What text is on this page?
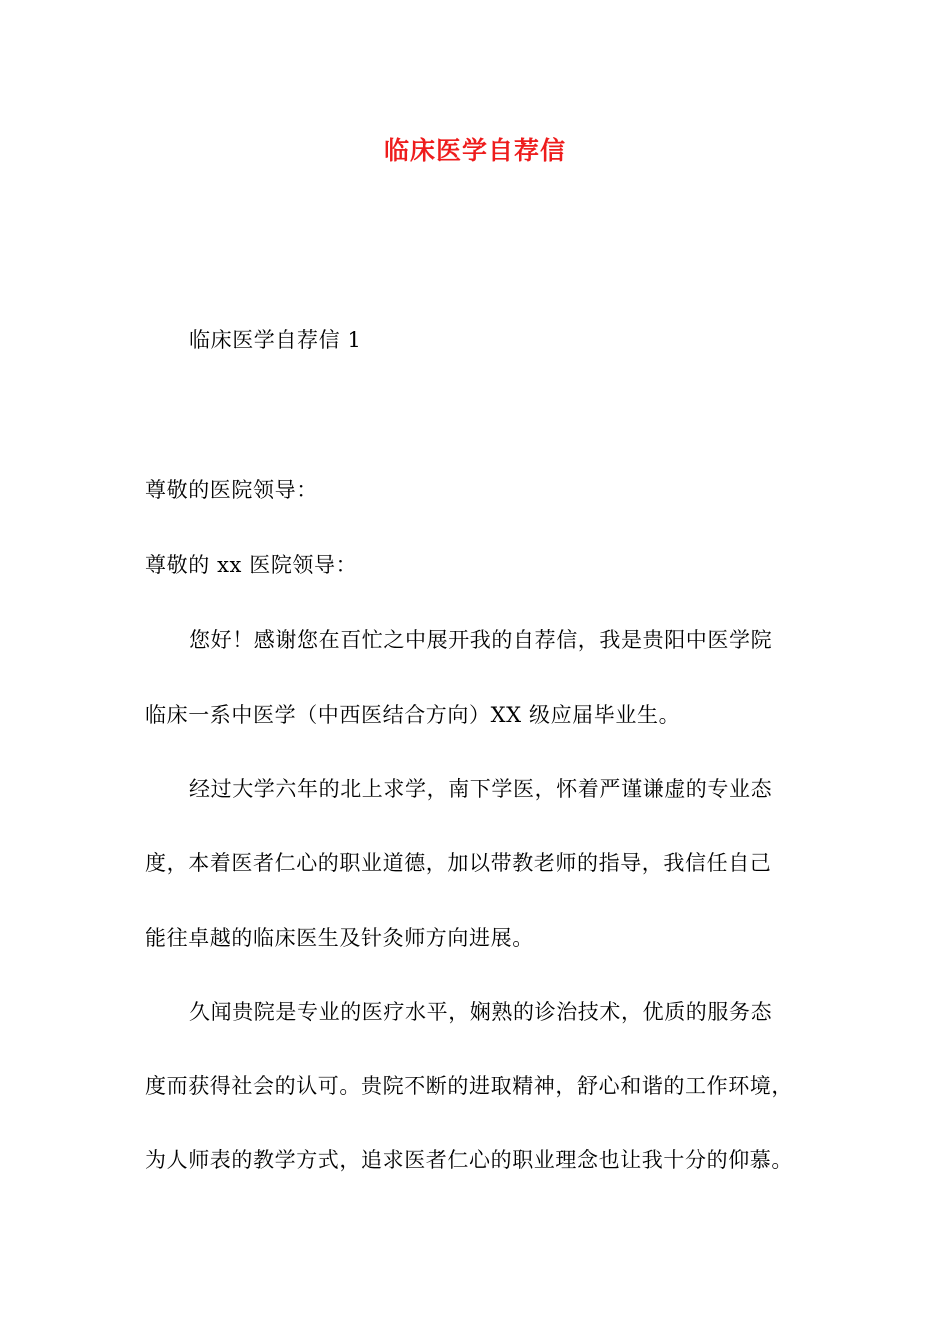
临床医学自荐信
临床医学自荐信 1
尊敬的医院领导：
尊敬的 xx 医院领导：
您好！感谢您在百忙之中展开我的自荐信，我是贵阳中医学院
临床一系中医学（中西医结合方向）XX 级应届毕业生。
经过大学六年的北上求学，南下学医，怀着严谨谦虚的专业态
度，本着医者仁心的职业道德，加以带教老师的指导，我信任自己
能往卓越的临床医生及针灸师方向进展。
久闻贵院是专业的医疗水平，娴熟的诊治技术，优质的服务态
度而获得社会的认可。贵院不断的进取精神，舒心和谐的工作环境，
为人师表的教学方式，追求医者仁心的职业理念也让我十分的仰慕。
